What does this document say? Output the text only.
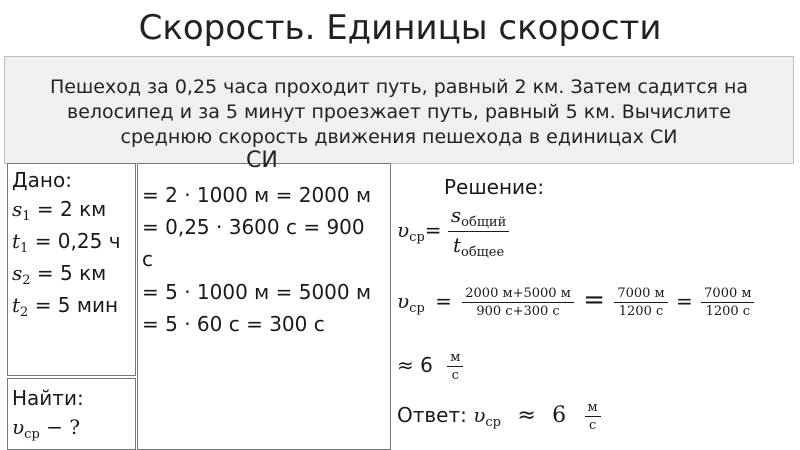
Скорость. Единицы скорости
Пешеход за 0,25 часа проходит путь, равный 2 км. Затем садится на велосипед и за 5 минут проезжает путь, равный 5 км. Вычислите среднюю скорость движения пешехода в единицах СИ
СИ
Дано:
$s_1 = 2$ км
$t_1 = 0,25$ ч
$s_2 = 5$ км
$t_2 = 5$ мин
Найти:
$\upsilon_{ср}$ − ?
= 2 · 1000 м = 2000 м
= 0,25 · 3600 с = 900
с
= 5 · 1000 м = 5000 м
= 5 · 60 с = 300 с
Решение:
$\upsilon_{ср}= \frac{s_{общий}}{t_{общее}}$
$\upsilon_{ср} = \frac{2000 м+5000 м}{900 с+300 с} = \frac{7000 м}{1200 с} = \frac{7000 м}{1200 с}$
≈ $6 \frac{м}{с}$
Ответ: $\upsilon_{ср} \approx 6 \frac{м}{с}$
